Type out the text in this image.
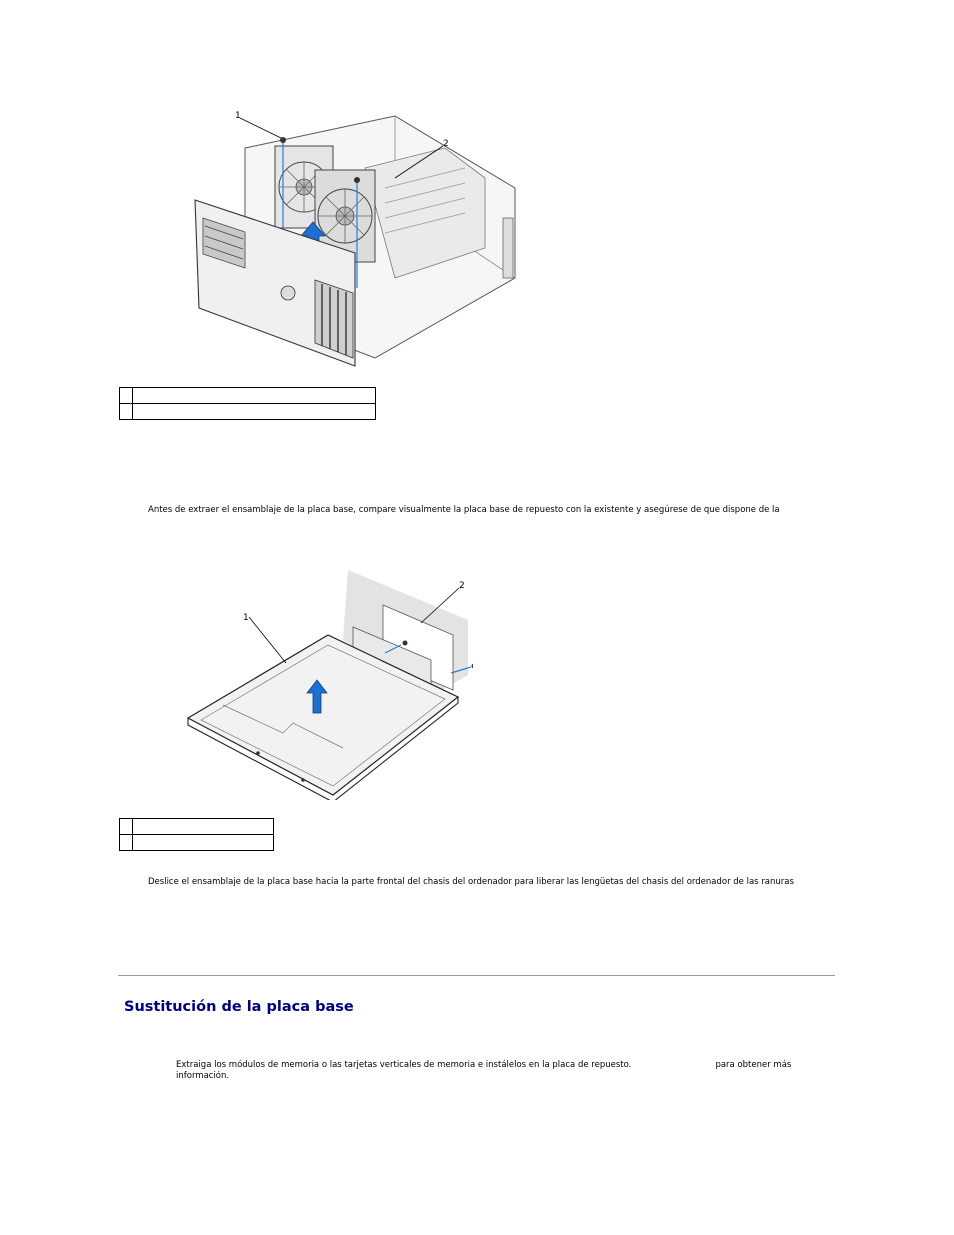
1
2

Antes de extraer el ensamblaje de la placa base, compare visualmente la placa base de repuesto con la existente y asegúrese de que dispone de la
1
2

Deslice el ensamblaje de la placa base hacia la parte frontal del chasis del ordenador para liberar las lengüetas del chasis del ordenador de las ranuras
Sustitución de la placa base
Extraiga los módulos de memoria o las tarjetas verticales de memoria e instálelos en la placa de repuesto.	para obtener más
información.
